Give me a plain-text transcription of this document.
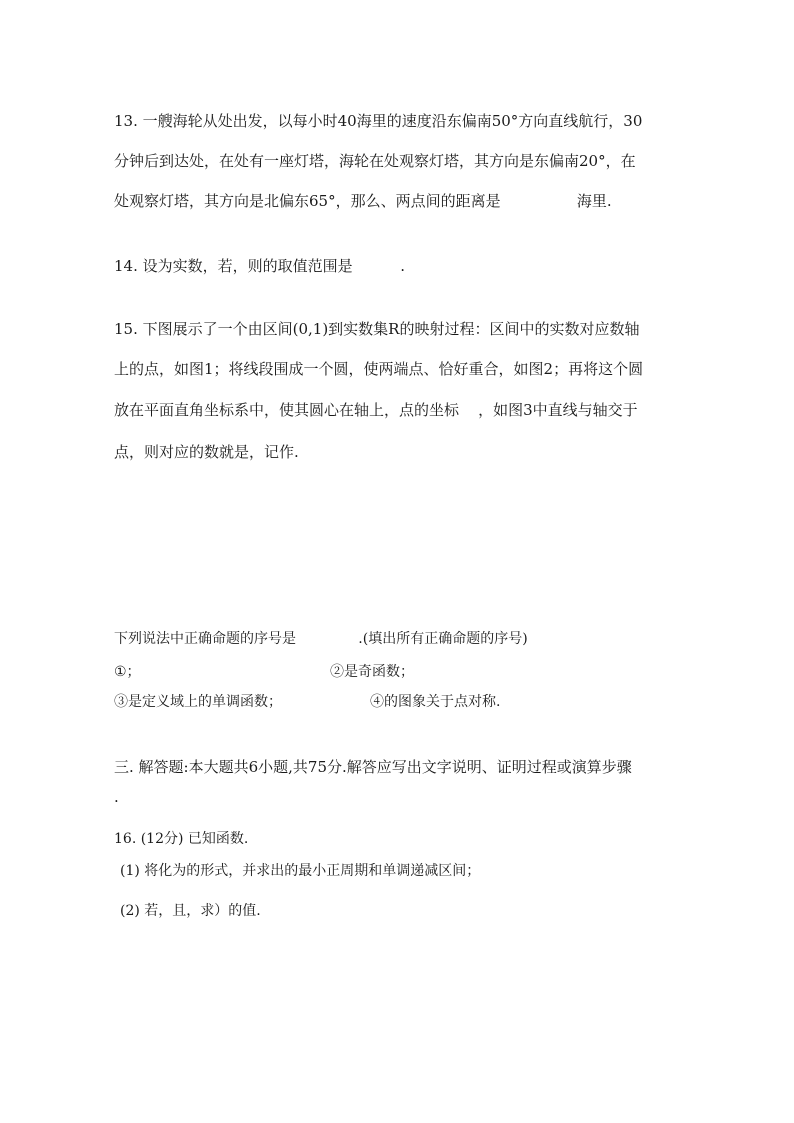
13. 一艘海轮从处出发，以每小时40海里的速度沿东偏南50°方向直线航行，30
分钟后到达处，在处有一座灯塔，海轮在处观察灯塔，其方向是东偏南20°，在
处观察灯塔，其方向是北偏东65°，那么、两点间的距离是                海里.
14. 设为实数，若，则的取值范围是          .
15. 下图展示了一个由区间(0,1)到实数集R的映射过程：区间中的实数对应数轴
上的点，如图1；将线段围成一个圆，使两端点、恰好重合，如图2；再将这个圆
放在平面直角坐标系中，使其圆心在轴上，点的坐标    ，如图3中直线与轴交于
点，则对应的数就是，记作.
下列说法中正确命题的序号是              .(填出所有正确命题的序号)
①；	②是奇函数；
③是定义域上的单调函数；	④的图象关于点对称.
三. 解答题:本大题共6小题,共75分.解答应写出文字说明、证明过程或演算步骤
.
16. (12分) 已知函数.
(1) 将化为的形式，并求出的最小正周期和单调递减区间；
(2) 若，且，求）的值.
